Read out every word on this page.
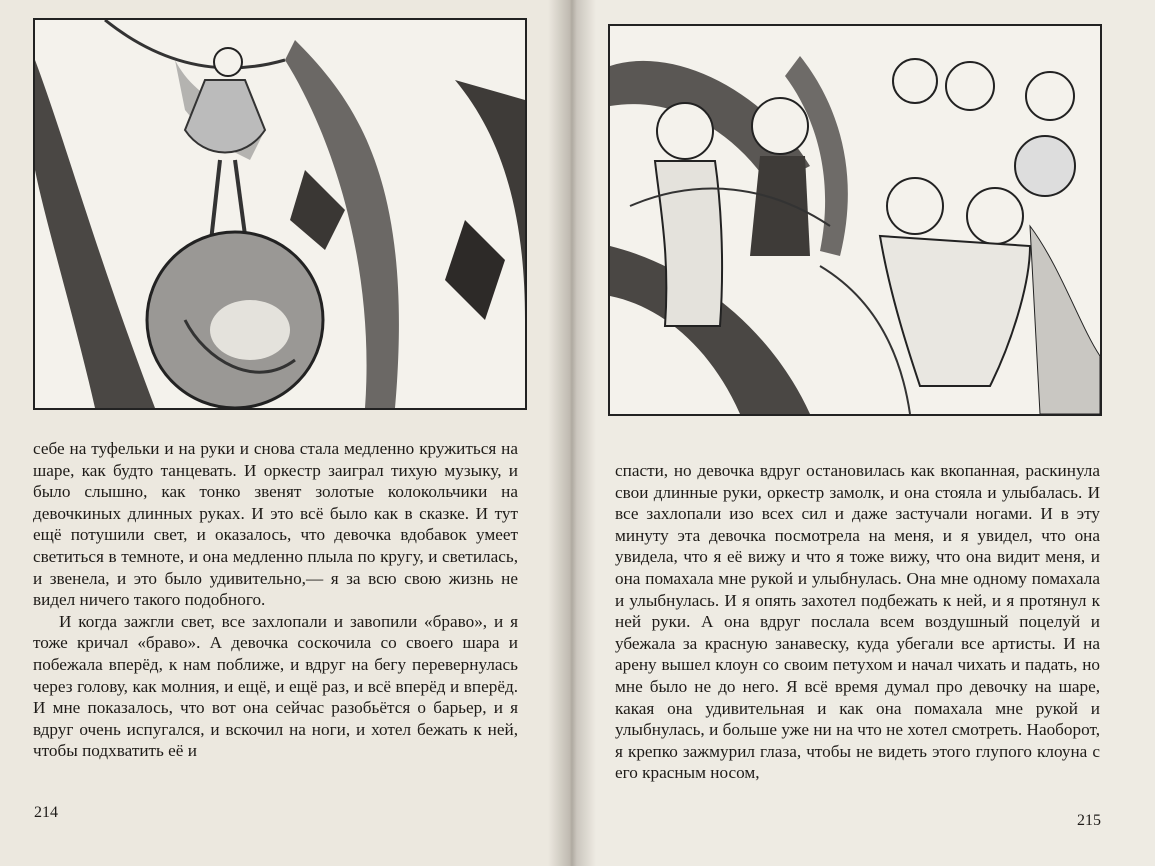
себе на туфельки и на руки и снова стала медленно кружиться на шаре, как будто танцевать. И оркестр заиграл тихую музыку, и было слышно, как тонко звенят золотые колокольчики на девочкиных длинных руках. И это всё было как в сказке. И тут ещё потушили свет, и оказалось, что девочка вдобавок умеет светиться в темноте, и она медленно плыла по кругу, и светилась, и звенела, и это было удивительно,— я за всю свою жизнь не видел ничего такого подобного.

И когда зажгли свет, все захлопали и завопили «браво», и я тоже кричал «браво». А девочка соскочила со своего шара и побежала вперёд, к нам поближе, и вдруг на бегу перевернулась через голову, как молния, и ещё, и ещё раз, и всё вперёд и вперёд. И мне показалось, что вот она сейчас разобьётся о барьер, и я вдруг очень испугался, и вскочил на ноги, и хотел бежать к ней, чтобы подхватить её и

214

спасти, но девочка вдруг остановилась как вкопанная, раскинула свои длинные руки, оркестр замолк, и она стояла и улыбалась. И все захлопали изо всех сил и даже застучали ногами. И в эту минуту эта девочка посмотрела на меня, и я увидел, что она увидела, что я её вижу и что я тоже вижу, что она видит меня, и она помахала мне рукой и улыбнулась. Она мне одному помахала и улыбнулась. И я опять захотел подбежать к ней, и я протянул к ней руки. А она вдруг послала всем воздушный поцелуй и убежала за красную занавеску, куда убегали все артисты. И на арену вышел клоун со своим петухом и начал чихать и падать, но мне было не до него. Я всё время думал про девочку на шаре, какая она удивительная и как она помахала мне рукой и улыбнулась, и больше уже ни на что не хотел смотреть. Наоборот, я крепко зажмурил глаза, чтобы не видеть этого глупого клоуна с его красным носом,

215
